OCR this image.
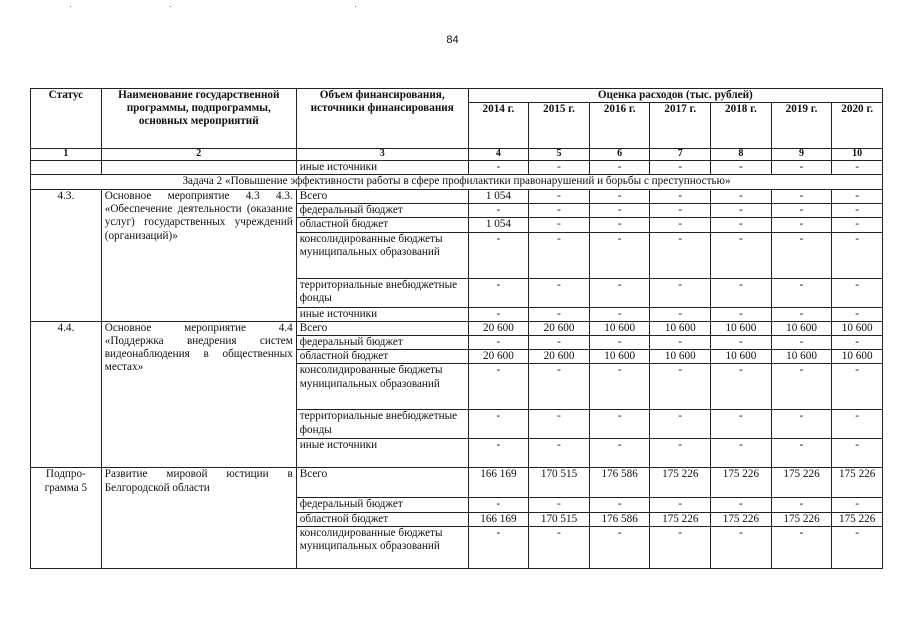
84
Статус	Наименование государственной программы, подпрограммы, основных мероприятий	Объем финансирования, источники финансирования	Оценка расходов (тыс. рублей)						
			2014 г.	2015 г.	2016 г.	2017 г.	2018 г.	2019 г.	2020 г.
1	2	3	4	5	6	7	8	9	10
		иные источники	-	-	-	-	-	-	-
Задача 2 «Повышение эффективности работы в сфере профилактики правонарушений и борьбы с преступностью»									
4.3.	Основное мероприятие 4.3 4.3. «Обеспечение деятельности (оказание услуг) государственных учреждений (организаций)»	Всего	1 054	-	-	-	-	-	-
		федеральный бюджет	-	-	-	-	-	-	-
		областной бюджет	1 054	-	-	-	-	-	-
		консолидированные бюджеты муниципальных образований	-	-	-	-	-	-	-
		территориальные внебюджетные фонды	-	-	-	-	-	-	-
		иные источники	-	-	-	-	-	-	-
4.4.	Основное мероприятие 4.4 «Поддержка внедрения систем видеонаблюдения в общественных местах»	Всего	20 600	20 600	10 600	10 600	10 600	10 600	10 600
		федеральный бюджет	-	-	-	-	-	-	-
		областной бюджет	20 600	20 600	10 600	10 600	10 600	10 600	10 600
		консолидированные бюджеты муниципальных образований	-	-	-	-	-	-	-
		территориальные внебюджетные фонды	-	-	-	-	-	-	-
		иные источники	-	-	-	-	-	-	-
Подпро-грамма 5	Развитие мировой юстиции в Белгородской области	Всего	166 169	170 515	176 586	175 226	175 226	175 226	175 226
		федеральный бюджет	-	-	-	-	-	-	-
		областной бюджет	166 169	170 515	176 586	175 226	175 226	175 226	175 226
		консолидированные бюджеты муниципальных образований	-	-	-	-	-	-	-
